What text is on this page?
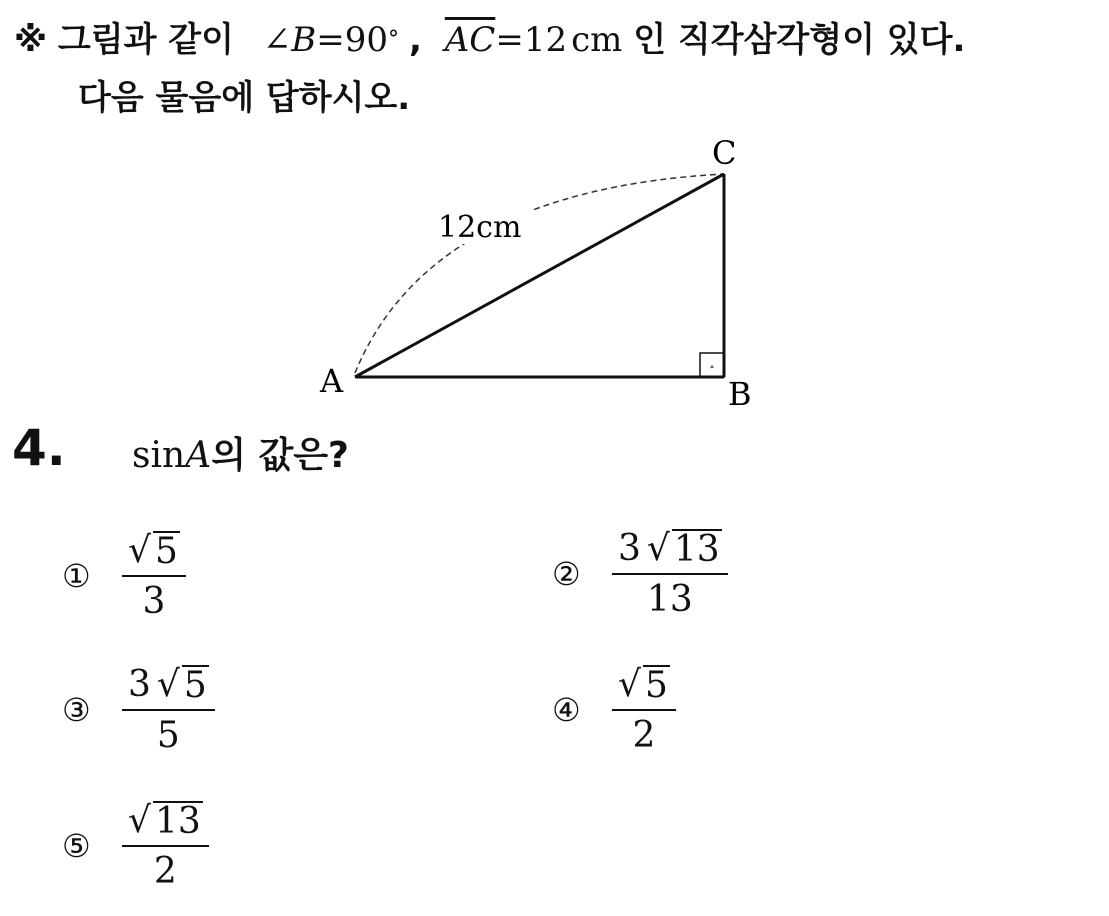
※ 그림과 같이 ∠B=90° , $\overline{AC}=12$ cm 인 직각삼각형이 있다.
다음 물음에 답하시오.
∘
A	B
C
12cm
4. sinA의 값은?
① $\frac{√ 5}{3}$	② $\frac{3 √ 13}{13}$
③ $\frac{3 √ 5}{5}$	④ $\frac{√ 5}{2}$
⑤ $\frac{√ 13}{2}$
